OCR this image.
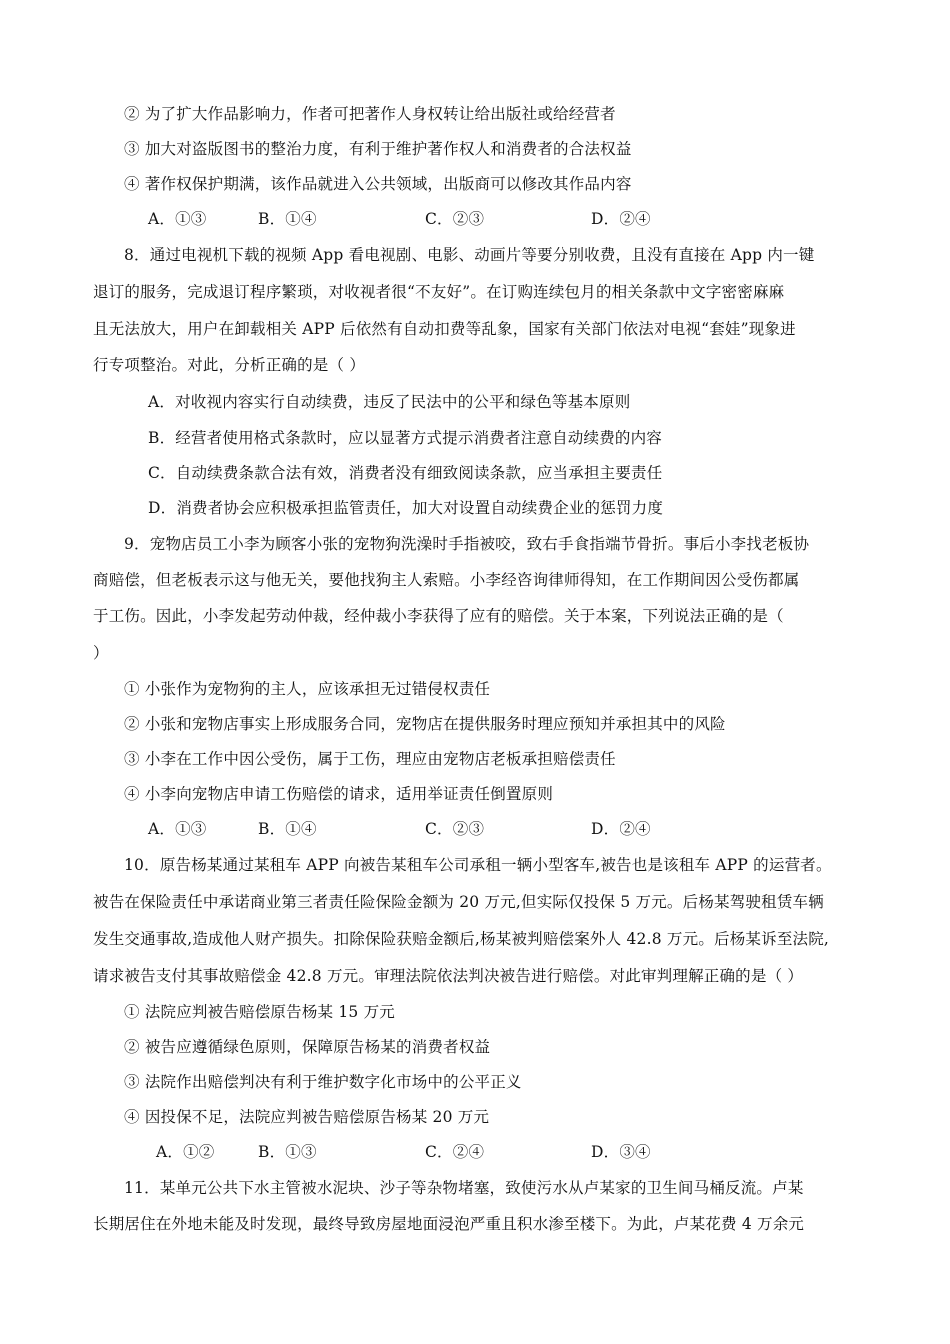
② 为了扩大作品影响力，作者可把著作人身权转让给出版社或给经营者
③ 加大对盗版图书的整治力度，有利于维护著作权人和消费者的合法权益
④ 著作权保护期满，该作品就进入公共领域，出版商可以修改其作品内容
A．①③	B．①④	C．②③	D．②④
8．通过电视机下载的视频 App 看电视剧、电影、动画片等要分别收费，且没有直接在 App 内一键
退订的服务，完成退订程序繁琐，对收视者很“不友好”。在订购连续包月的相关条款中文字密密麻麻
且无法放大，用户在卸载相关 APP 后依然有自动扣费等乱象，国家有关部门依法对电视“套娃”现象进
行专项整治。对此，分析正确的是（ ）
A．对收视内容实行自动续费，违反了民法中的公平和绿色等基本原则
B．经营者使用格式条款时，应以显著方式提示消费者注意自动续费的内容
C．自动续费条款合法有效，消费者没有细致阅读条款，应当承担主要责任
D．消费者协会应积极承担监管责任，加大对设置自动续费企业的惩罚力度
9．宠物店员工小李为顾客小张的宠物狗洗澡时手指被咬，致右手食指端节骨折。事后小李找老板协
商赔偿，但老板表示这与他无关，要他找狗主人索赔。小李经咨询律师得知，在工作期间因公受伤都属
于工伤。因此，小李发起劳动仲裁，经仲裁小李获得了应有的赔偿。关于本案，下列说法正确的是（
）
① 小张作为宠物狗的主人，应该承担无过错侵权责任
② 小张和宠物店事实上形成服务合同，宠物店在提供服务时理应预知并承担其中的风险
③ 小李在工作中因公受伤，属于工伤，理应由宠物店老板承担赔偿责任
④ 小李向宠物店申请工伤赔偿的请求，适用举证责任倒置原则
A．①③	B．①④	C．②③	D．②④
10．原告杨某通过某租车 APP 向被告某租车公司承租一辆小型客车,被告也是该租车 APP 的运营者。
被告在保险责任中承诺商业第三者责任险保险金额为 20 万元,但实际仅投保 5 万元。后杨某驾驶租赁车辆
发生交通事故,造成他人财产损失。扣除保险获赔金额后,杨某被判赔偿案外人 42.8 万元。后杨某诉至法院,
请求被告支付其事故赔偿金 42.8 万元。审理法院依法判决被告进行赔偿。对此审判理解正确的是（ ）
① 法院应判被告赔偿原告杨某 15 万元
② 被告应遵循绿色原则，保障原告杨某的消费者权益
③ 法院作出赔偿判决有利于维护数字化市场中的公平正义
④ 因投保不足，法院应判被告赔偿原告杨某 20 万元
A．①②	B．①③	C．②④	D．③④
11．某单元公共下水主管被水泥块、沙子等杂物堵塞，致使污水从卢某家的卫生间马桶反流。卢某
长期居住在外地未能及时发现，最终导致房屋地面浸泡严重且积水渗至楼下。为此，卢某花费 4 万余元
